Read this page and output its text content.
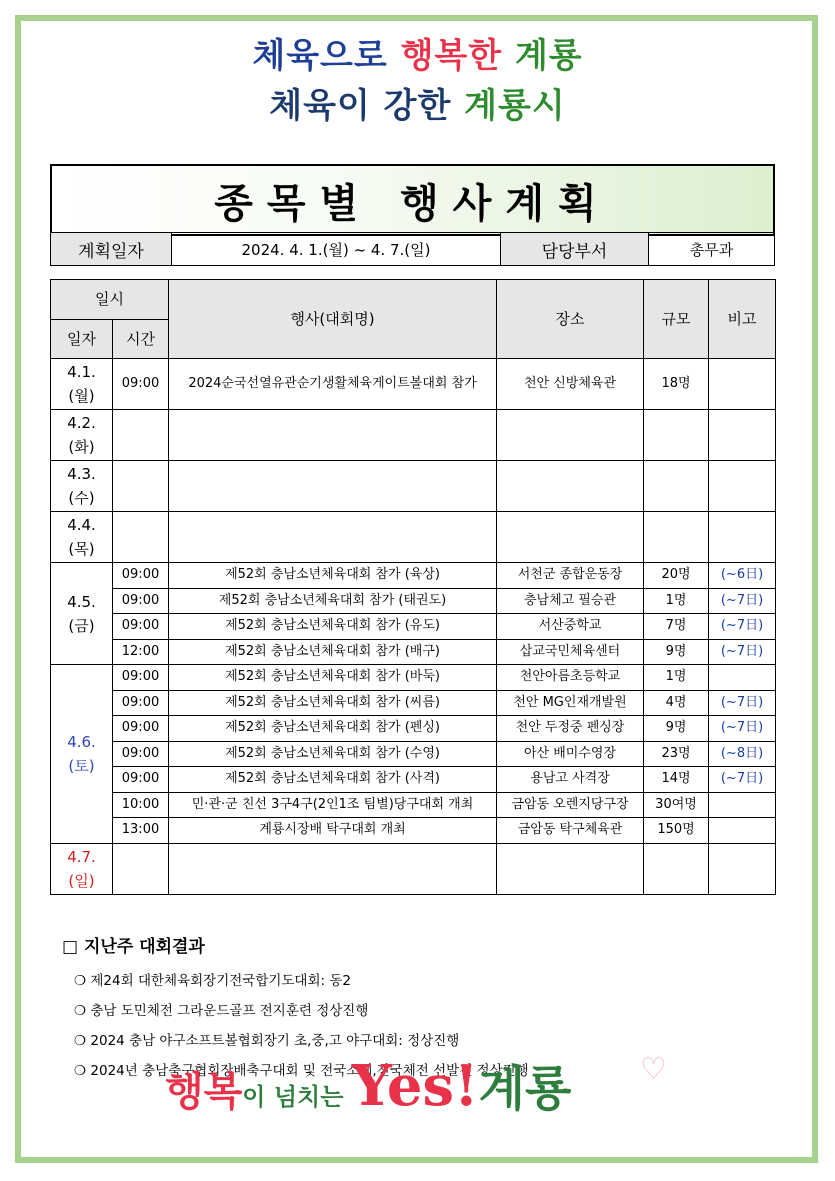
체육으로 행복한 계룡
체육이 강한 계룡시
종목별 행사계획
계획일자	2024. 4. 1.(월) ~ 4. 7.(일)	담당부서	총무과
일시		행사(대회명)	장소	규모	비고
일자	시간				

4.1.
(월)	09:00	2024순국선열유관순기생활체육게이트볼대회 참가	천안 신방체육관	18명	

4.2.
(화)					

4.3.
(수)					

4.4.
(목)					

4.5.
(금)	09:00	제52회 충남소년체육대회 참가 (육상)	서천군 종합운동장	20명	(~6日)
	09:00	제52회 충남소년체육대회 참가 (태권도)	충남체고 필승관	1명	(~7日)
	09:00	제52회 충남소년체육대회 참가 (유도)	서산중학교	7명	(~7日)
	12:00	제52회 충남소년체육대회 참가 (배구)	삽교국민체육센터	9명	(~7日)

4.6.
(토)	09:00	제52회 충남소년체육대회 참가 (바둑)	천안아름초등학교	1명	
	09:00	제52회 충남소년체육대회 참가 (씨름)	천안 MG인재개발원	4명	(~7日)
	09:00	제52회 충남소년체육대회 참가 (펜싱)	천안 두정중 펜싱장	9명	(~7日)
	09:00	제52회 충남소년체육대회 참가 (수영)	아산 배미수영장	23명	(~8日)
	09:00	제52회 충남소년체육대회 참가 (사격)	용남고 사격장	14명	(~7日)
	10:00	민·관·군 친선 3구4구(2인1조 팀별)당구대회 개최	금암동 오렌지당구장	30여명	
	13:00	계룡시장배 탁구대회 개최	금암동 탁구체육관	150명	

4.7.
(일)					

□ 지난주 대회결과
❍ 제24회 대한체육회장기전국합기도대회: 동2
❍ 충남 도민체전 그라운드골프 전지훈련 정상진행
❍ 2024 충남 야구소프트볼협회장기 초,중,고 야구대회: 정상진행
❍ 2024년 충남축구협회장배축구대회 및 전국소체,전국체전 선발전 정상진행
행복이 넘치는 Yes!계룡 ♡
